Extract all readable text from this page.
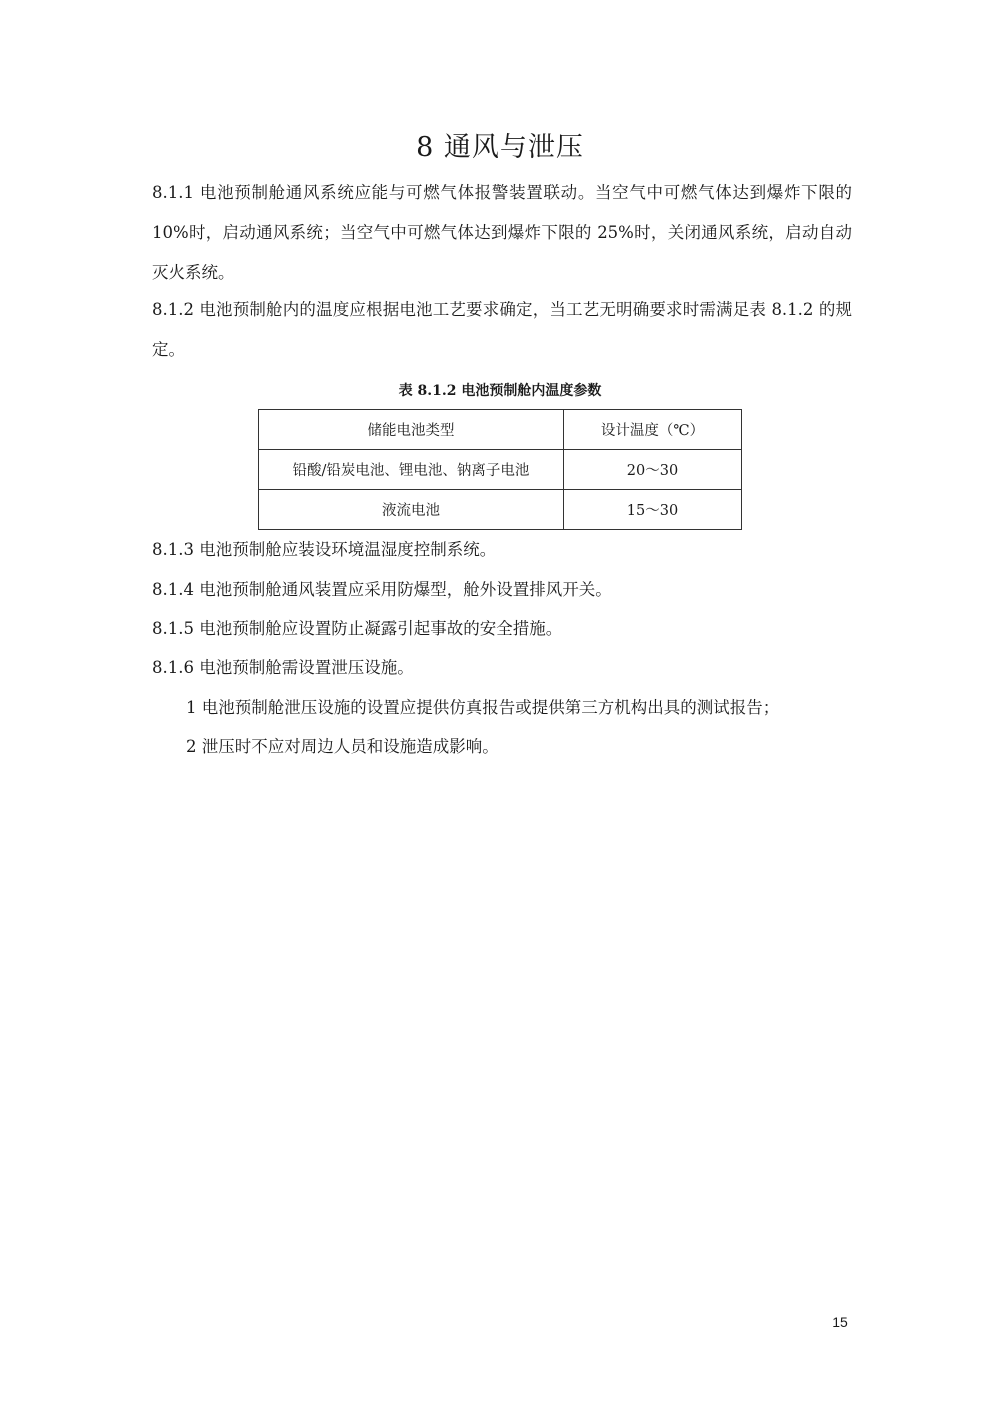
8 通风与泄压
8.1.1 电池预制舱通风系统应能与可燃气体报警装置联动。当空气中可燃气体达到爆炸下限的 10%时，启动通风系统；当空气中可燃气体达到爆炸下限的 25%时，关闭通风系统，启动自动灭火系统。
8.1.2 电池预制舱内的温度应根据电池工艺要求确定，当工艺无明确要求时需满足表 8.1.2 的规定。
表 8.1.2 电池预制舱内温度参数
储能电池类型	设计温度（℃）
铅酸/铅炭电池、锂电池、钠离子电池	20～30
液流电池	15～30
8.1.3 电池预制舱应装设环境温湿度控制系统。
8.1.4 电池预制舱通风装置应采用防爆型，舱外设置排风开关。
8.1.5 电池预制舱应设置防止凝露引起事故的安全措施。
8.1.6 电池预制舱需设置泄压设施。
1 电池预制舱泄压设施的设置应提供仿真报告或提供第三方机构出具的测试报告；
2 泄压时不应对周边人员和设施造成影响。
15
